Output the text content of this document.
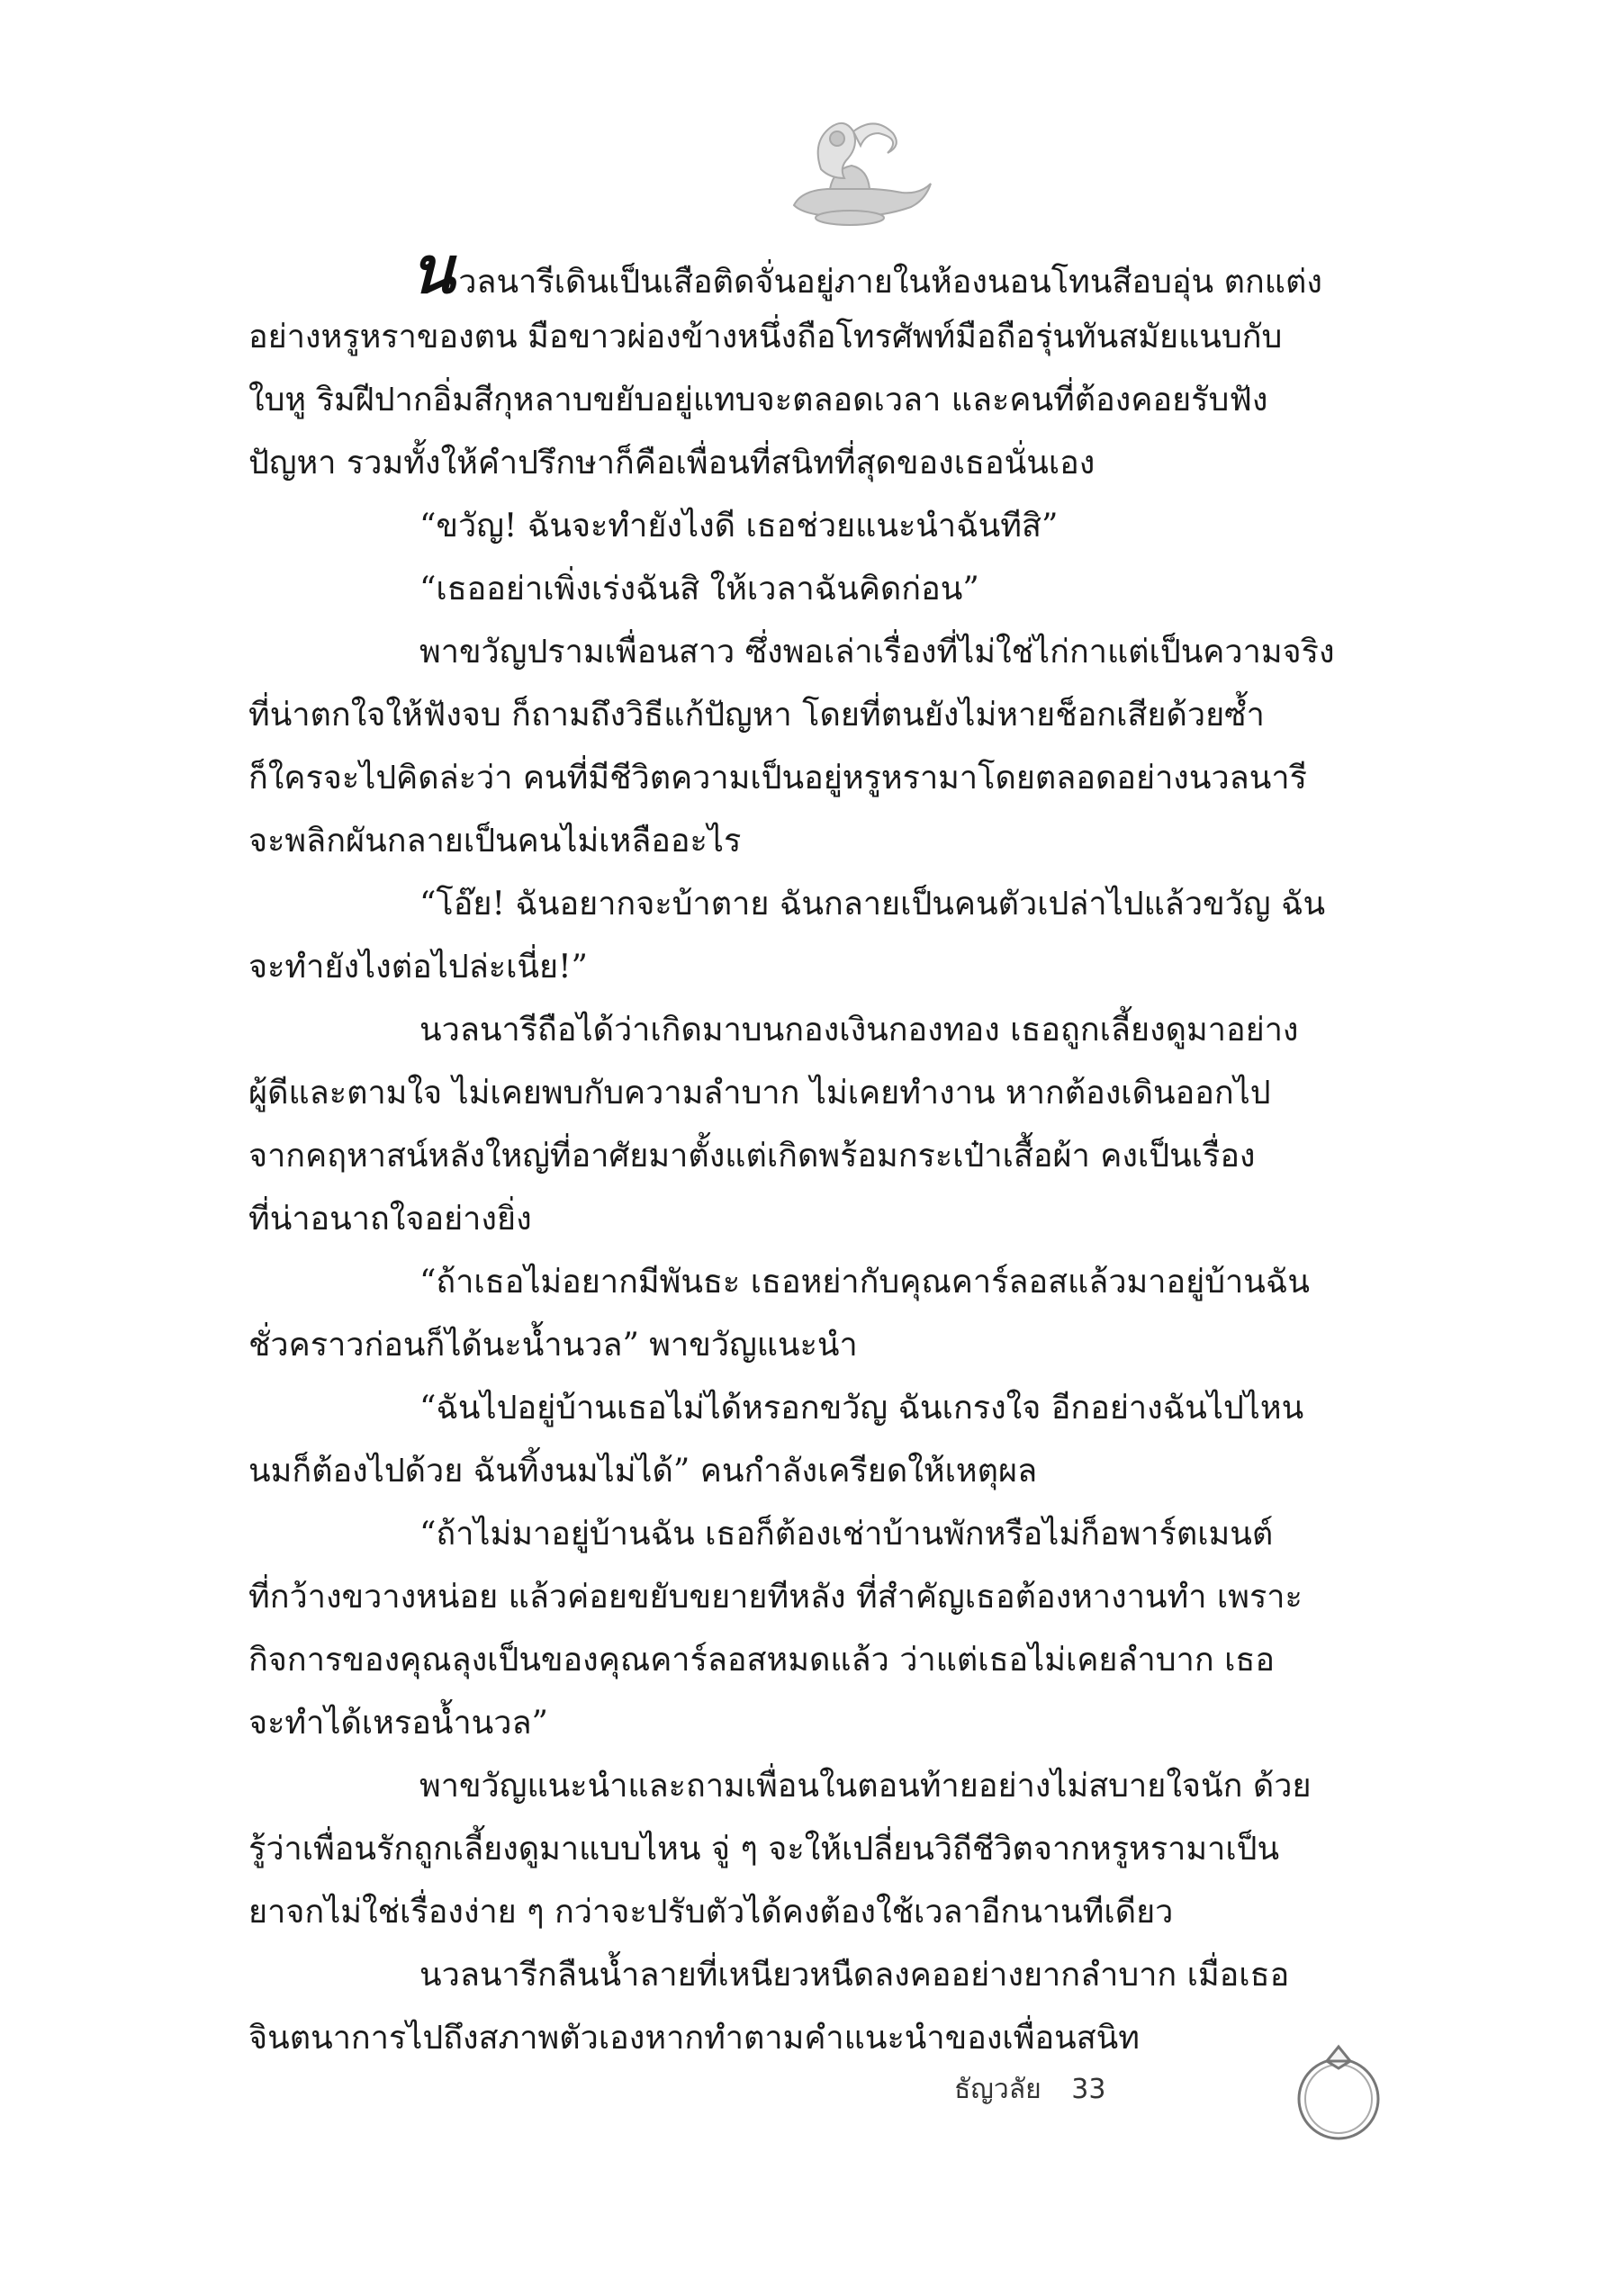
นวลนารีเดินเป็นเสือติดจั่นอยู่ภายในห้องนอนโทนสีอบอุ่น ตกแต่ง
อย่างหรูหราของตน มือขาวผ่องข้างหนึ่งถือโทรศัพท์มือถือรุ่นทันสมัยแนบกับ
ใบหู ริมฝีปากอิ่มสีกุหลาบขยับอยู่แทบจะตลอดเวลา และคนที่ต้องคอยรับฟัง
ปัญหา รวมทั้งให้คำปรึกษาก็คือเพื่อนที่สนิทที่สุดของเธอนั่นเอง
“ขวัญ! ฉันจะทำยังไงดี เธอช่วยแนะนำฉันทีสิ”
“เธออย่าเพิ่งเร่งฉันสิ ให้เวลาฉันคิดก่อน”
พาขวัญปรามเพื่อนสาว ซึ่งพอเล่าเรื่องที่ไม่ใช่ไก่กาแต่เป็นความจริง
ที่น่าตกใจให้ฟังจบ ก็ถามถึงวิธีแก้ปัญหา โดยที่ตนยังไม่หายช็อกเสียด้วยซ้ำ
ก็ใครจะไปคิดล่ะว่า คนที่มีชีวิตความเป็นอยู่หรูหรามาโดยตลอดอย่างนวลนารี
จะพลิกผันกลายเป็นคนไม่เหลืออะไร
“โอ๊ย! ฉันอยากจะบ้าตาย ฉันกลายเป็นคนตัวเปล่าไปแล้วขวัญ ฉัน
จะทำยังไงต่อไปล่ะเนี่ย!”
นวลนารีถือได้ว่าเกิดมาบนกองเงินกองทอง เธอถูกเลี้ยงดูมาอย่าง
ผู้ดีและตามใจ ไม่เคยพบกับความลำบาก ไม่เคยทำงาน หากต้องเดินออกไป
จากคฤหาสน์หลังใหญ่ที่อาศัยมาตั้งแต่เกิดพร้อมกระเป๋าเสื้อผ้า คงเป็นเรื่อง
ที่น่าอนาถใจอย่างยิ่ง
“ถ้าเธอไม่อยากมีพันธะ เธอหย่ากับคุณคาร์ลอสแล้วมาอยู่บ้านฉัน
ชั่วคราวก่อนก็ได้นะน้ำนวล” พาขวัญแนะนำ
“ฉันไปอยู่บ้านเธอไม่ได้หรอกขวัญ ฉันเกรงใจ อีกอย่างฉันไปไหน
นมก็ต้องไปด้วย ฉันทิ้งนมไม่ได้” คนกำลังเครียดให้เหตุผล
“ถ้าไม่มาอยู่บ้านฉัน เธอก็ต้องเช่าบ้านพักหรือไม่ก็อพาร์ตเมนต์
ที่กว้างขวางหน่อย แล้วค่อยขยับขยายทีหลัง ที่สำคัญเธอต้องหางานทำ เพราะ
กิจการของคุณลุงเป็นของคุณคาร์ลอสหมดแล้ว ว่าแต่เธอไม่เคยลำบาก เธอ
จะทำได้เหรอน้ำนวล”
พาขวัญแนะนำและถามเพื่อนในตอนท้ายอย่างไม่สบายใจนัก ด้วย
รู้ว่าเพื่อนรักถูกเลี้ยงดูมาแบบไหน จู่ ๆ จะให้เปลี่ยนวิถีชีวิตจากหรูหรามาเป็น
ยาจกไม่ใช่เรื่องง่าย ๆ กว่าจะปรับตัวได้คงต้องใช้เวลาอีกนานทีเดียว
นวลนารีกลืนน้ำลายที่เหนียวหนืดลงคออย่างยากลำบาก เมื่อเธอ
จินตนาการไปถึงสภาพตัวเองหากทำตามคำแนะนำของเพื่อนสนิท
ธัญวลัย 33
